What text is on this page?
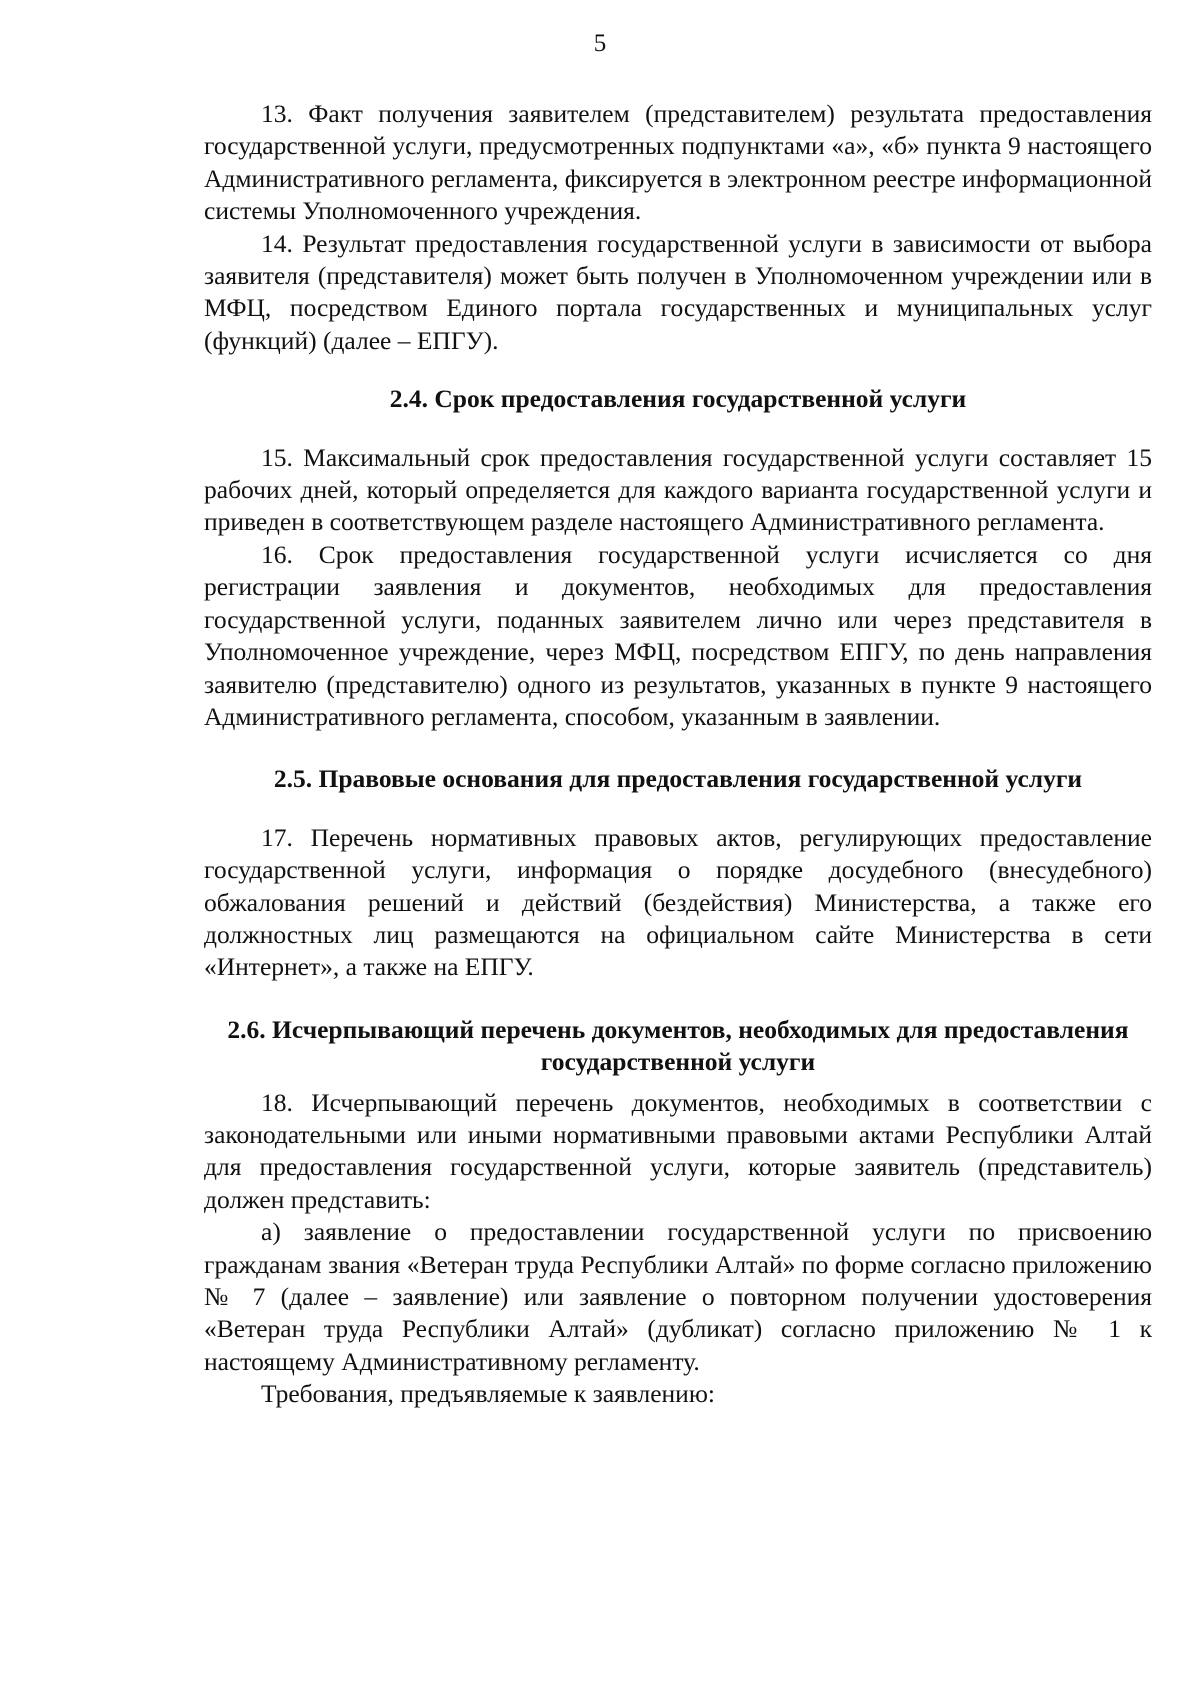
5

13. Факт получения заявителем (представителем) результата предоставления государственной услуги, предусмотренных подпунктами «а», «б» пункта 9 настоящего Административного регламента, фиксируется в электронном реестре информационной системы Уполномоченного учреждения.

14. Результат предоставления государственной услуги в зависимости от выбора заявителя (представителя) может быть получен в Уполномоченном учреждении или в МФЦ, посредством Единого портала государственных и муниципальных услуг (функций) (далее – ЕПГУ).

2.4. Срок предоставления государственной услуги

15. Максимальный срок предоставления государственной услуги составляет 15 рабочих дней, который определяется для каждого варианта государственной услуги и приведен в соответствующем разделе настоящего Административного регламента.

16. Срок предоставления государственной услуги исчисляется со дня регистрации заявления и документов, необходимых для предоставления государственной услуги, поданных заявителем лично или через представителя в Уполномоченное учреждение, через МФЦ, посредством ЕПГУ, по день направления заявителю (представителю) одного из результатов, указанных в пункте 9 настоящего Административного регламента, способом, указанным в заявлении.

2.5. Правовые основания для предоставления государственной услуги

17. Перечень нормативных правовых актов, регулирующих предоставление государственной услуги, информация о порядке досудебного (внесудебного) обжалования решений и действий (бездействия) Министерства, а также его должностных лиц размещаются на официальном сайте Министерства в сети «Интернет», а также на ЕПГУ.

2.6. Исчерпывающий перечень документов, необходимых для предоставления государственной услуги

18. Исчерпывающий перечень документов, необходимых в соответствии с законодательными или иными нормативными правовыми актами Республики Алтай для предоставления государственной услуги, которые заявитель (представитель) должен представить:

а) заявление о предоставлении государственной услуги по присвоению гражданам звания «Ветеран труда Республики Алтай» по форме согласно приложению № 7 (далее – заявление) или заявление о повторном получении удостоверения «Ветеран труда Республики Алтай» (дубликат) согласно приложению № 1 к настоящему Административному регламенту.

Требования, предъявляемые к заявлению:
